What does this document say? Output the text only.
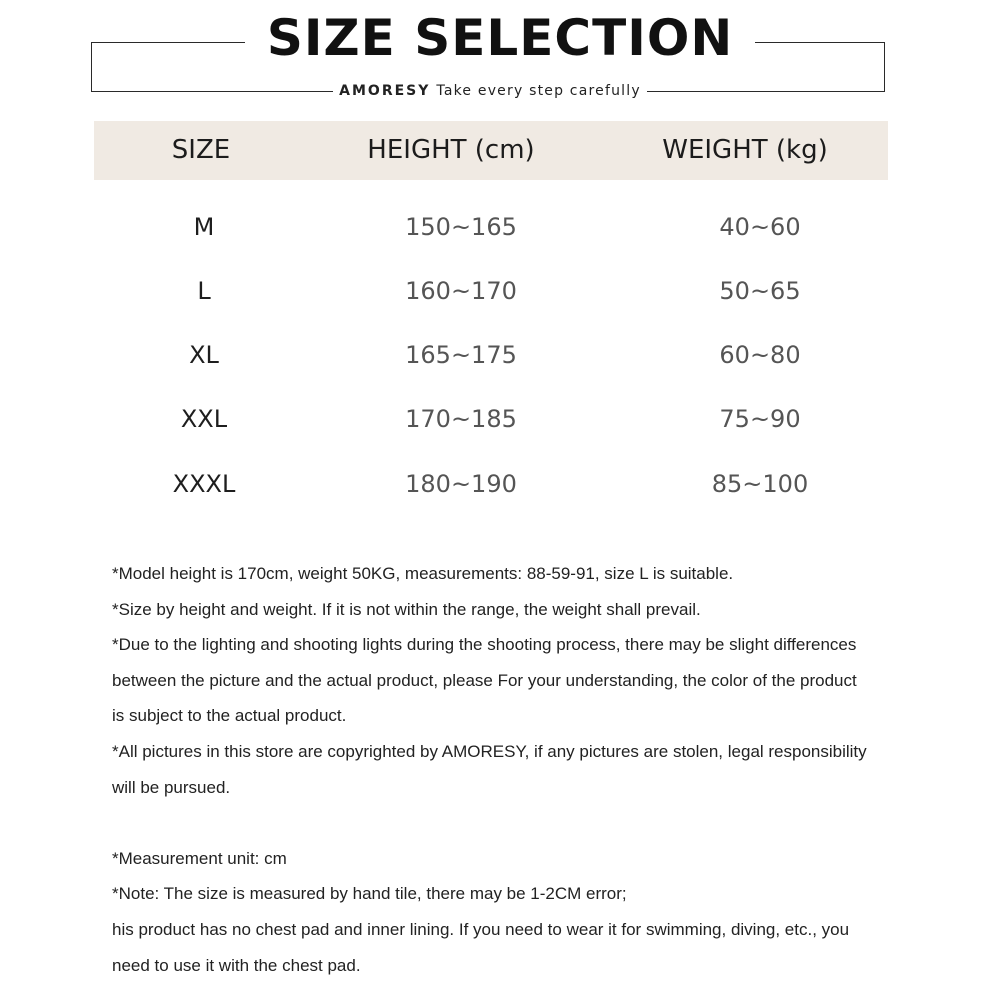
SIZE SELECTION
AMORESY Take every step carefully
SIZE	HEIGHT (cm)	WEIGHT (kg)
M	150~165	40~60
L	160~170	50~65
XL	165~175	60~80
XXL	170~185	75~90
XXXL	180~190	85~100

*Model height is 170cm, weight 50KG, measurements: 88-59-91, size L is suitable.

*Size by height and weight. If it is not within the range, the weight shall prevail.

*Due to the lighting and shooting lights during the shooting process, there may be slight differences

between the picture and the actual product, please For your understanding, the color of the product

is subject to the actual product.

*All pictures in this store are copyrighted by AMORESY, if any pictures are stolen, legal responsibility

will be pursued.

*Measurement unit: cm

*Note: The size is measured by hand tile, there may be 1-2CM error;

his product has no chest pad and inner lining. If you need to wear it for swimming, diving, etc., you

need to use it with the chest pad.
